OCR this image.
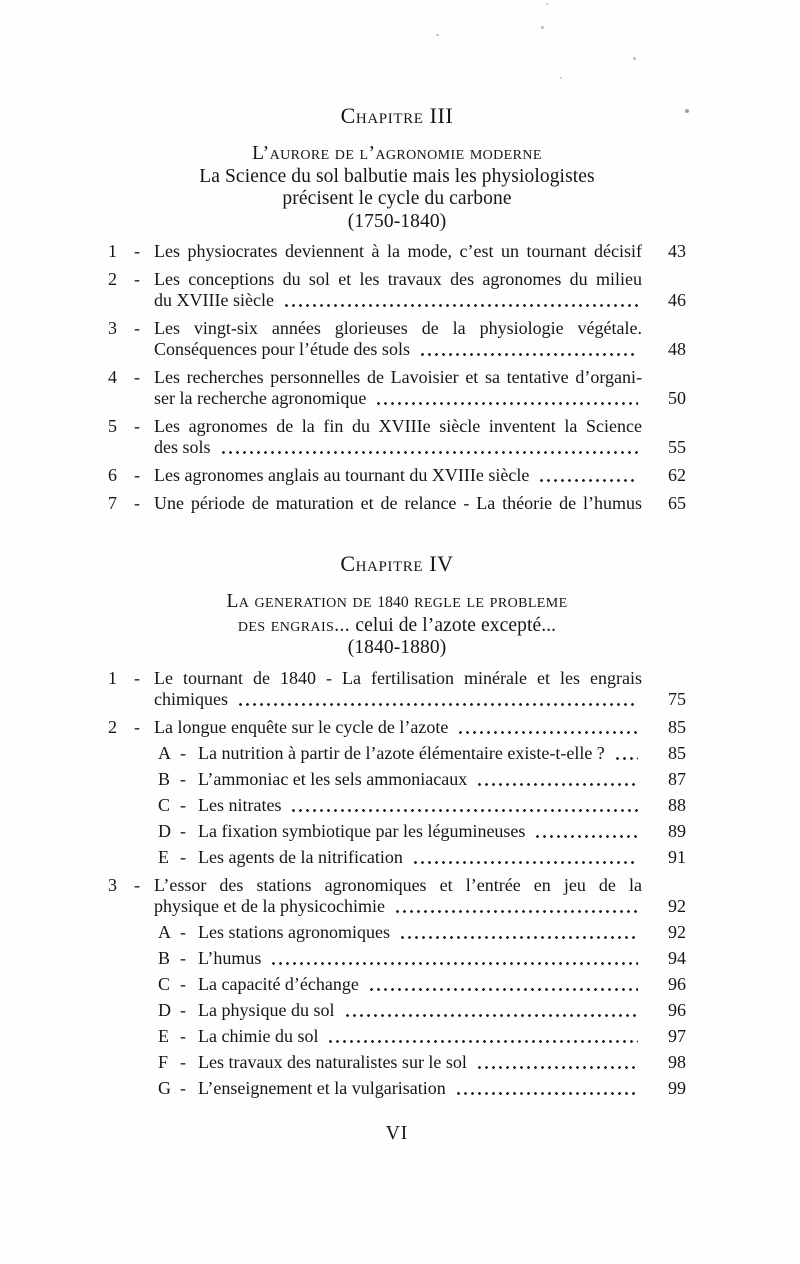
Chapitre III
L’aurore de l’agronomie moderne
La Science du sol balbutie mais les physiologistes
précisent le cycle du carbone
(1750-1840)
1 - Les physiocrates deviennent à la mode, c’est un tournant décisif	43
2 - Les conceptions du sol et les travaux des agronomes du milieu
du XVIIIe siècle	46
3 - Les vingt-six années glorieuses de la physiologie végétale.
Conséquences pour l’étude des sols	48
4 - Les recherches personnelles de Lavoisier et sa tentative d’organi-
ser la recherche agronomique	50
5 - Les agronomes de la fin du XVIIIe siècle inventent la Science
des sols	55
6 - Les agronomes anglais au tournant du XVIIIe siècle	62
7 - Une période de maturation et de relance - La théorie de l’humus	65
Chapitre IV
La generation de 1840 regle le probleme
des engrais... celui de l’azote excepté...
(1840-1880)
1 - Le tournant de 1840 - La fertilisation minérale et les engrais
chimiques	75
2 - La longue enquête sur le cycle de l’azote	85
A - La nutrition à partir de l’azote élémentaire existe-t-elle ?	85
B - L’ammoniac et les sels ammoniacaux	87
C - Les nitrates	88
D - La fixation symbiotique par les légumineuses	89
E - Les agents de la nitrification	91
3 - L’essor des stations agronomiques et l’entrée en jeu de la
physique et de la physicochimie	92
A - Les stations agronomiques	92
B - L’humus	94
C - La capacité d’échange	96
D - La physique du sol	96
E - La chimie du sol	97
F - Les travaux des naturalistes sur le sol	98
G - L’enseignement et la vulgarisation	99
VI
